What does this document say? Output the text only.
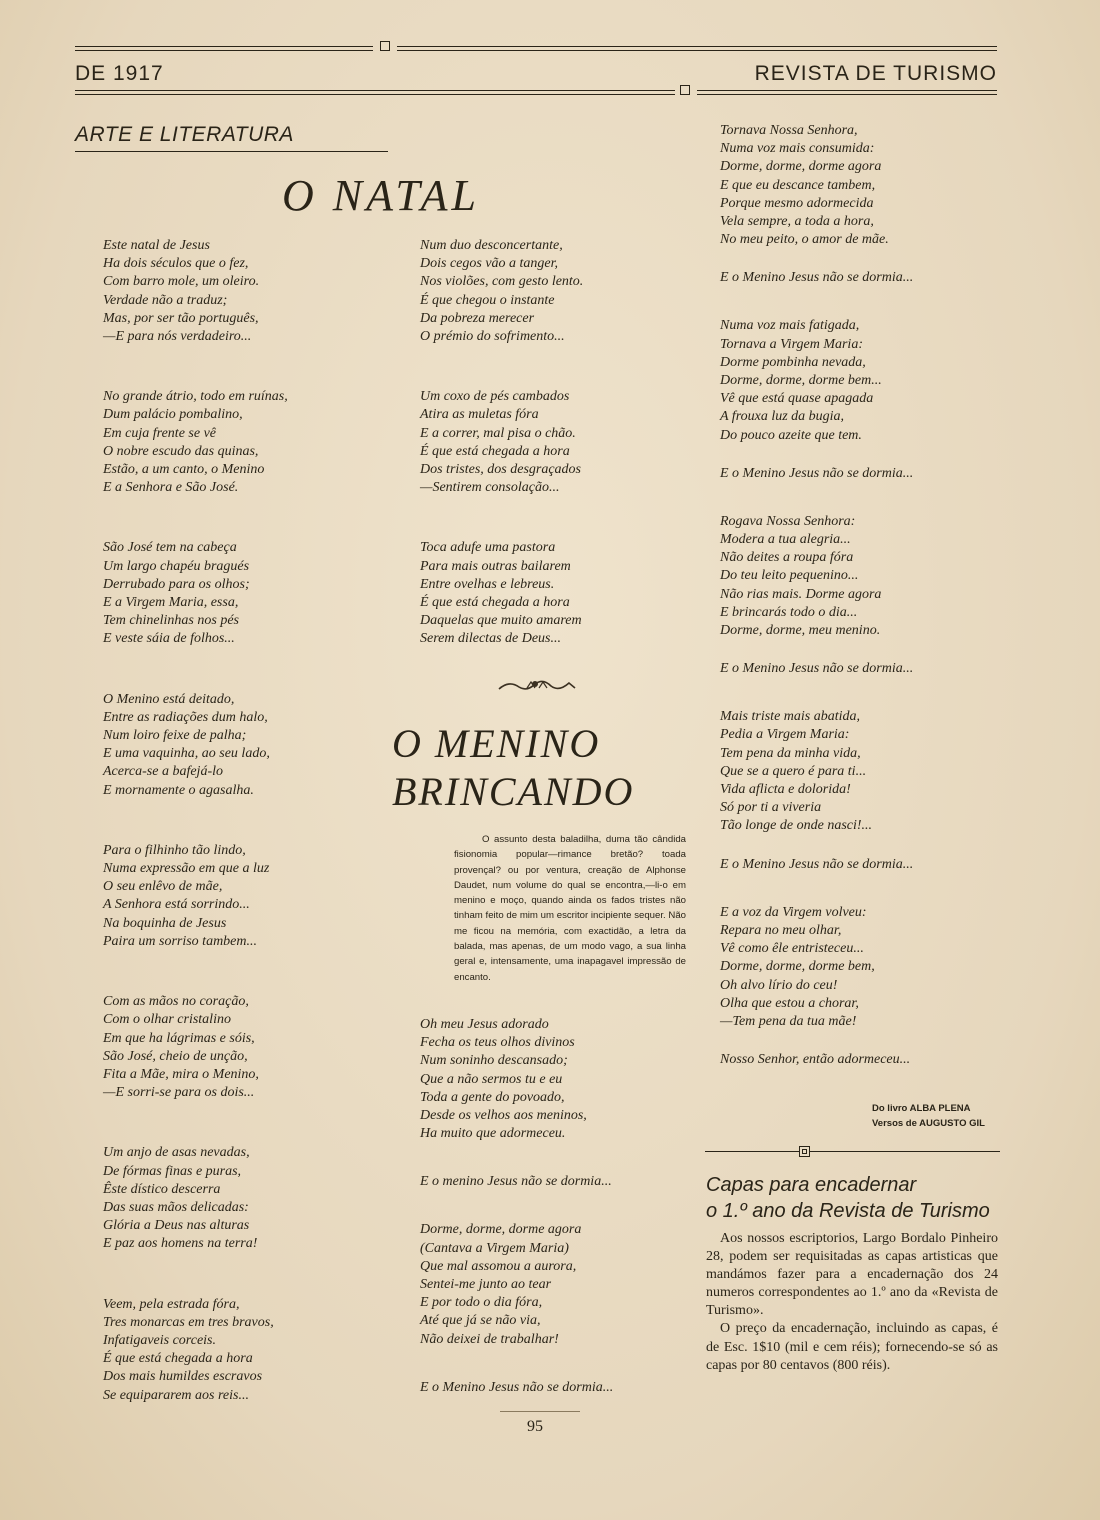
DE 1917	REVISTA DE TURISMO
ARTE E LITERATURA
O NATAL
Este natal de Jesus
Ha dois séculos que o fez,
Com barro mole, um oleiro.
Verdade não a traduz;
Mas, por ser tão português,
—E para nós verdadeiro...
No grande átrio, todo em ruínas,
Dum palácio pombalino,
Em cuja frente se vê
O nobre escudo das quinas,
Estão, a um canto, o Menino
E a Senhora e São José.
São José tem na cabeça
Um largo chapéu bragués
Derrubado para os olhos;
E a Virgem Maria, essa,
Tem chinelinhas nos pés
E veste sáia de folhos...
O Menino está deitado,
Entre as radiações dum halo,
Num loiro feixe de palha;
E uma vaquinha, ao seu lado,
Acerca-se a bafejá-lo
E mornamente o agasalha.
Para o filhinho tão lindo,
Numa expressão em que a luz
O seu enlêvo de mãe,
A Senhora está sorrindo...
Na boquinha de Jesus
Paira um sorriso tambem...
Com as mãos no coração,
Com o olhar cristalino
Em que ha lágrimas e sóis,
São José, cheio de unção,
Fita a Mãe, mira o Menino,
—E sorri-se para os dois...
Um anjo de asas nevadas,
De fórmas finas e puras,
Êste dístico descerra
Das suas mãos delicadas:
Glória a Deus nas alturas
E paz aos homens na terra!
Veem, pela estrada fóra,
Tres monarcas em tres bravos,
Infatigaveis corceis.
É que está chegada a hora
Dos mais humildes escravos
Se equipararem aos reis...
Num duo desconcertante,
Dois cegos vão a tanger,
Nos violões, com gesto lento.
É que chegou o instante
Da pobreza merecer
O prémio do sofrimento...
Um coxo de pés cambados
Atira as muletas fóra
E a correr, mal pisa o chão.
É que está chegada a hora
Dos tristes, dos desgraçados
—Sentirem consolação...
Toca adufe uma pastora
Para mais outras bailarem
Entre ovelhas e lebreus.
É que está chegada a hora
Daquelas que muito amarem
Serem dilectas de Deus...
O MENINO
BRINCANDO
O assunto desta baladilha, duma tão cândida fisionomia popular—rimance bretão? toada provençal? ou por ventura, creação de Alphonse Daudet, num volume do qual se encontra,—li-o em menino e moço, quando ainda os fados tristes não tinham feito de mim um escritor incipiente sequer. Não me ficou na memória, com exactidão, a letra da balada, mas apenas, de um modo vago, a sua linha geral e, intensamente, uma inapagavel impressão de encanto.
Oh meu Jesus adorado
Fecha os teus olhos divinos
Num soninho descansado;
Que a não sermos tu e eu
Toda a gente do povoado,
Desde os velhos aos meninos,
Ha muito que adormeceu.
E o menino Jesus não se dormia...
Dorme, dorme, dorme agora
(Cantava a Virgem Maria)
Que mal assomou a aurora,
Sentei-me junto ao tear
E por todo o dia fóra,
Até que já se não via,
Não deixei de trabalhar!
E o Menino Jesus não se dormia...
Tornava Nossa Senhora,
Numa voz mais consumida:
Dorme, dorme, dorme agora
E que eu descance tambem,
Porque mesmo adormecida
Vela sempre, a toda a hora,
No meu peito, o amor de mãe.
E o Menino Jesus não se dormia...
Numa voz mais fatigada,
Tornava a Virgem Maria:
Dorme pombinha nevada,
Dorme, dorme, dorme bem...
Vê que está quase apagada
A frouxa luz da bugia,
Do pouco azeite que tem.
E o Menino Jesus não se dormia...
Rogava Nossa Senhora:
Modera a tua alegria...
Não deites a roupa fóra
Do teu leito pequenino...
Não rias mais. Dorme agora
E brincarás todo o dia...
Dorme, dorme, meu menino.
E o Menino Jesus não se dormia...
Mais triste mais abatida,
Pedia a Virgem Maria:
Tem pena da minha vida,
Que se a quero é para ti...
Vida aflicta e dolorida!
Só por ti a viveria
Tão longe de onde nasci!...
E o Menino Jesus não se dormia...
E a voz da Virgem volveu:
Repara no meu olhar,
Vê como êle entristeceu...
Dorme, dorme, dorme bem,
Oh alvo lírio do ceu!
Olha que estou a chorar,
—Tem pena da tua mãe!
Nosso Senhor, então adormeceu...
Do livro ALBA PLENA
Versos de AUGUSTO GIL
Capas para encadernar
o 1.º ano da Revista de Turismo

Aos nossos escriptorios, Largo Bordalo Pinheiro 28, podem ser requisitadas as capas artisticas que mandámos fazer para a encadernação dos 24 numeros correspondentes ao 1.º ano da «Revista de Turismo».

O preço da encadernação, incluindo as capas, é de Esc. 1$10 (mil e cem réis); fornecendo-se só as capas por 80 centavos (800 réis).

95
